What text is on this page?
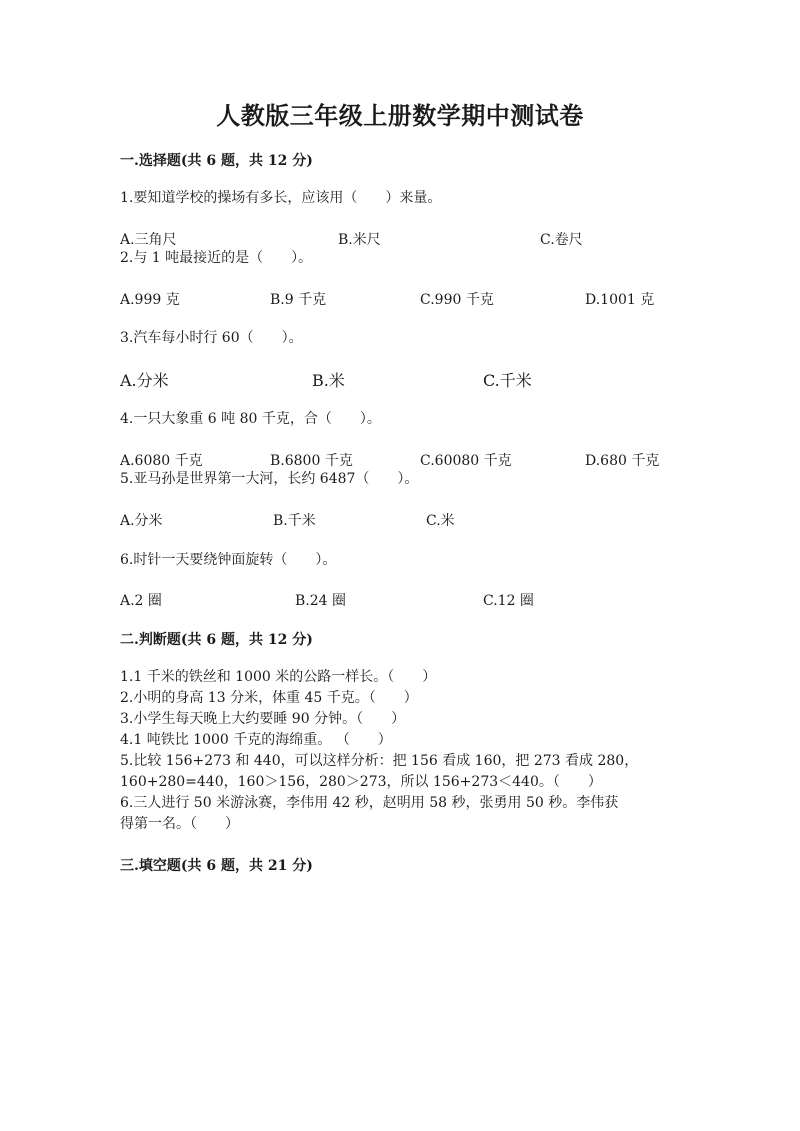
人教版三年级上册数学期中测试卷
一.选择题(共 6 题，共 12 分)
1.要知道学校的操场有多长，应该用（　　）来量。
A.三角尺	B.米尺	C.卷尺
2.与 1 吨最接近的是（　　）。
A.999 克	B.9 千克	C.990 千克	D.1001 克
3.汽车每小时行 60（　　）。
A.分米	B.米	C.千米
4.一只大象重 6 吨 80 千克，合（　　）。
A.6080 千克	B.6800 千克	C.60080 千克	D.680 千克
5.亚马孙是世界第一大河，长约 6487（　　）。
A.分米	B.千米	C.米
6.时针一天要绕钟面旋转（　　）。
A.2 圈	B.24 圈	C.12 圈
二.判断题(共 6 题，共 12 分)
1.1 千米的铁丝和 1000 米的公路一样长。（　　）
2.小明的身高 13 分米，体重 45 千克。（　　）
3.小学生每天晚上大约要睡 90 分钟。（　　）
4.1 吨铁比 1000 千克的海绵重。 （　　）
5.比较 156+273 和 440，可以这样分析：把 156 看成 160，把 273 看成 280，
160+280=440，160＞156，280＞273，所以 156+273＜440。（　　）
6.三人进行 50 米游泳赛，李伟用 42 秒，赵明用 58 秒，张勇用 50 秒。李伟获
得第一名。（　　）
三.填空题(共 6 题，共 21 分)
